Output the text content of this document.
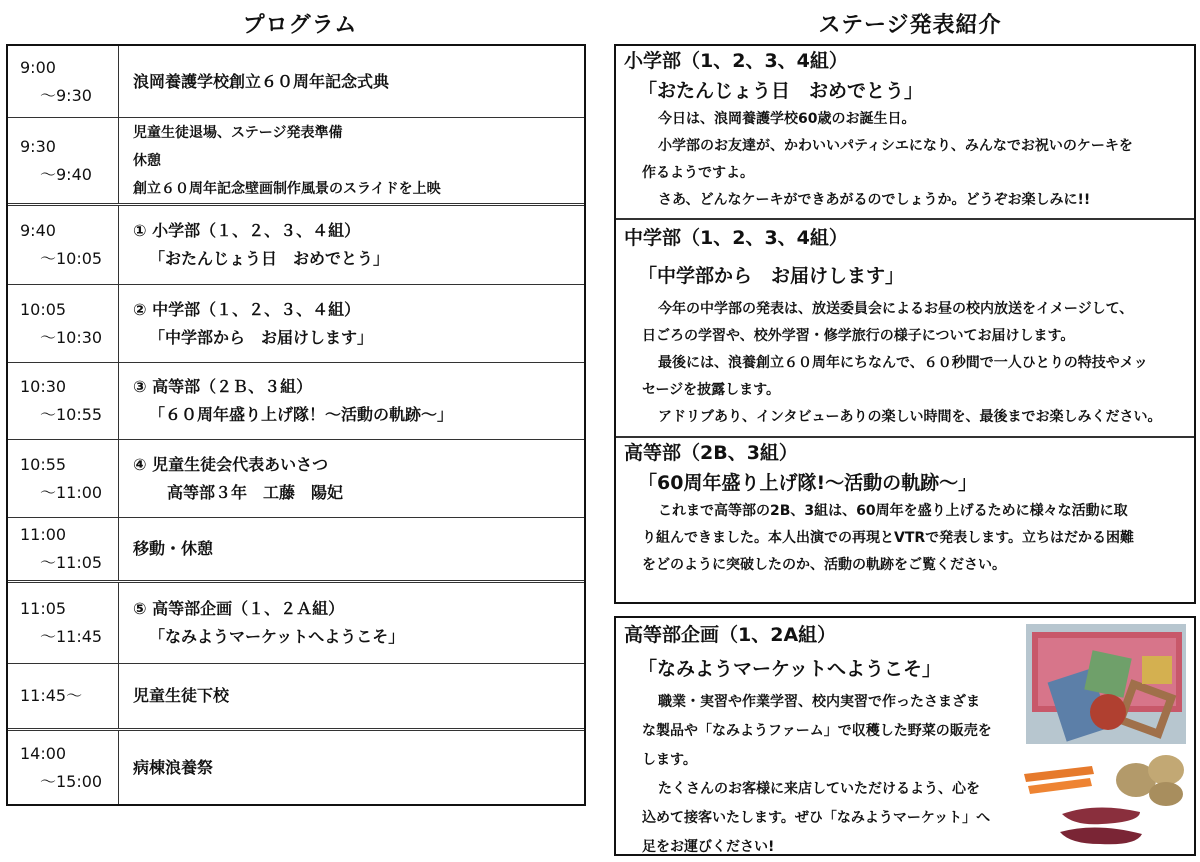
プログラム	ステージ発表紹介
9:00
～9:30
浪岡養護学校創立６０周年記念式典
9:30
～9:40
児童生徒退場、ステージ発表準備
休憩
創立６０周年記念壁画制作風景のスライドを上映
9:40
～10:05
① 小学部（１、２、３、４組）
「おたんじょう日　おめでとう」
10:05
～10:30
② 中学部（１、２、３、４組）
「中学部から　お届けします」
10:30
～10:55
③ 高等部（２Ｂ、３組）
「６０周年盛り上げ隊！～活動の軌跡～」
10:55
～11:00
④ 児童生徒会代表あいさつ
高等部３年　工藤　陽妃
11:00
～11:05
移動・休憩
11:05
～11:45
⑤ 高等部企画（１、２Ａ組）
「なみようマーケットへようこそ」
11:45～	児童生徒下校
14:00
～15:00
病棟浪養祭
小学部（1、2、3、4組）
「おたんじょう日　おめでとう」

今日は、浪岡養護学校60歳のお誕生日。

小学部のお友達が、かわいいパティシエになり、みんなでお祝いのケーキを

作るようですよ。

さあ、どんなケーキができあがるのでしょうか。どうぞお楽しみに!!

中学部（1、2、3、4組）
「中学部から　お届けします」

今年の中学部の発表は、放送委員会によるお昼の校内放送をイメージして、

日ごろの学習や、校外学習・修学旅行の様子についてお届けします。

最後には、浪養創立６０周年にちなんで、６０秒間で一人ひとりの特技やメッ

セージを披露します。

アドリブあり、インタビューありの楽しい時間を、最後までお楽しみください。

高等部（2B、3組）
「60周年盛り上げ隊!～活動の軌跡～」

これまで高等部の2B、3組は、60周年を盛り上げるために様々な活動に取

り組んできました。本人出演での再現とVTRで発表します。立ちはだかる困難

をどのように突破したのか、活動の軌跡をご覧ください。

高等部企画（1、2A組）
「なみようマーケットへようこそ」

職業・実習や作業学習、校内実習で作ったさまざま

な製品や「なみようファーム」で収穫した野菜の販売を

します。

たくさんのお客様に来店していただけるよう、心を

込めて接客いたします。ぜひ「なみようマーケット」へ

足をお運びください!
